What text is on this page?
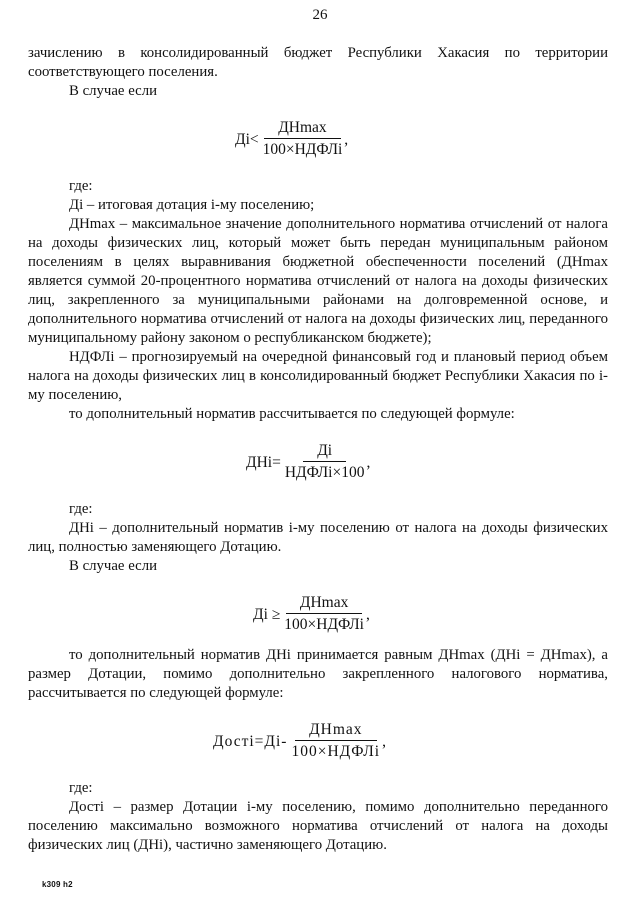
26

зачислению в консолидированный бюджет Республики Хакасия по территории соответствующего поселения.

В случае если

$Дi< \frac{ДН\max}{\text{100×НДФЛi}}$ ,

где:

Дi – итоговая дотация i-му поселению;

ДНmax – максимальное значение дополнительного норматива отчислений от налога на доходы физических лиц, который может быть передан муниципальным районом поселениям в целях выравнивания бюджетной обеспеченности поселений (ДНmax является суммой 20-процентного норматива отчислений от налога на доходы физических лиц, закрепленного за муниципальными районами на долговременной основе, и дополнительного норматива отчислений от налога на доходы физических лиц, переданного муниципальному району законом о республиканском бюджете);

НДФЛi – прогнозируемый на очередной финансовый год и плановый период объем налога на доходы физических лиц в консолидированный бюджет Республики Хакасия по i-му поселению,

то дополнительный норматив рассчитывается по следующей формуле:

$ДНi= \frac{Дi}{\text{НДФЛi×100}}$ ,

где:

ДНi – дополнительный норматив i-му поселению от налога на доходы физических лиц, полностью заменяющего Дотацию.

В случае если

Дi ≥ $\frac{ДН\max}{\text{100×НДФЛi}}$ ,

то дополнительный норматив ДНi принимается равным ДНmax (ДНi = ДНmax), а размер Дотации, помимо дополнительно закрепленного налогового норматива, рассчитывается по следующей формуле:

Достi=Дi- $\frac{ДН\max}{\text{100×НДФЛi}}$ ,

где:

Достi – размер Дотации i-му поселению, помимо дополнительно переданного поселению максимально возможного норматива отчислений от налога на доходы физических лиц (ДНi), частично заменяющего Дотацию.

k309 h2
